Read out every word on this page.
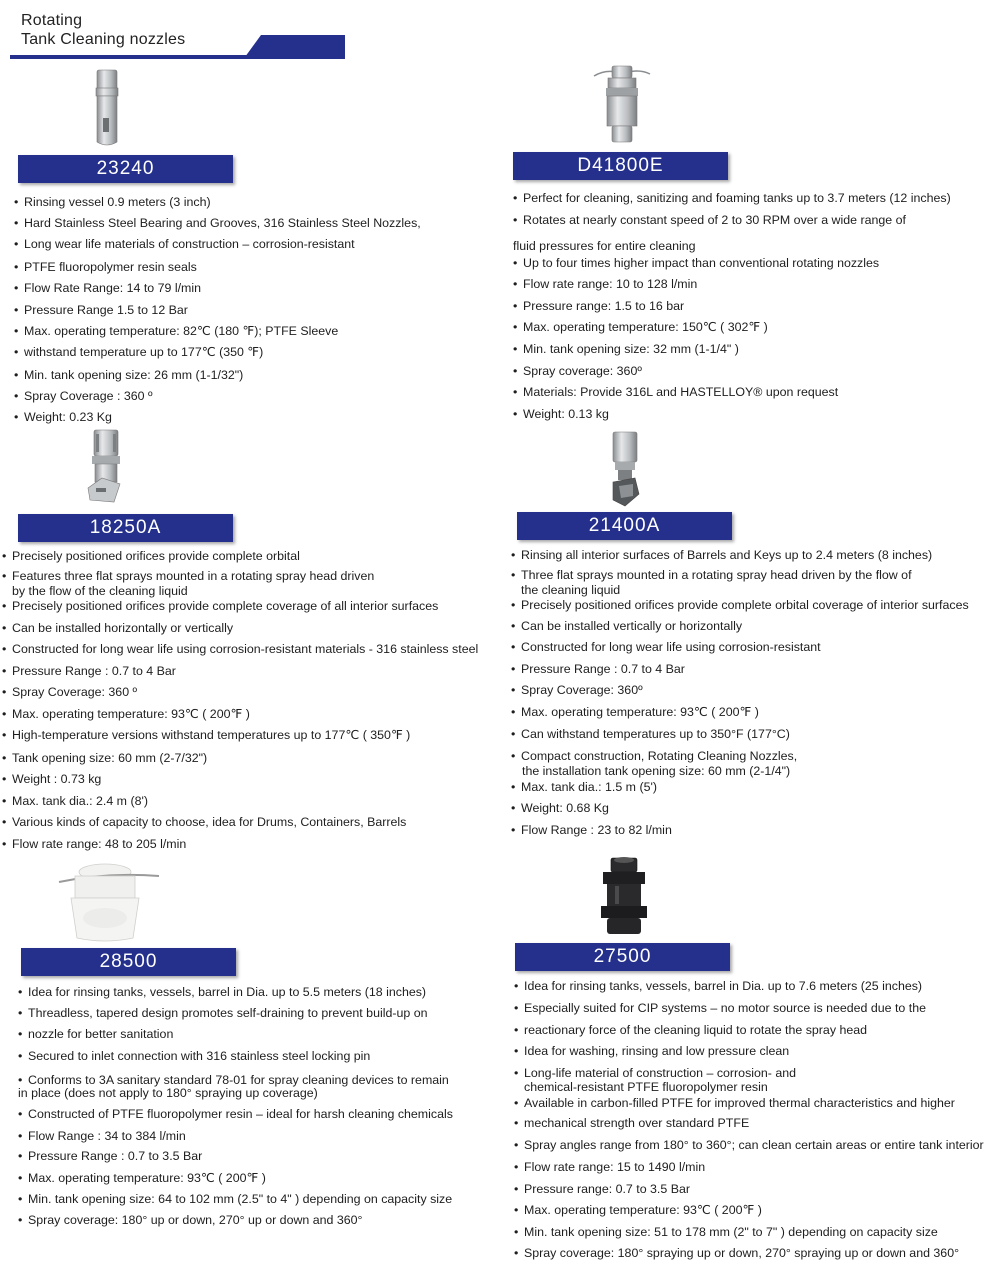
Rotating
Tank Cleaning nozzles
23240
• Rinsing vessel 0.9 meters (3 inch)
• Hard Stainless Steel Bearing and Grooves, 316 Stainless Steel Nozzles,
• Long wear life materials of construction – corrosion-resistant
• PTFE fluoropolymer resin seals
• Flow Rate Range: 14 to 79 l/min
• Pressure Range 1.5 to 12 Bar
• Max. operating temperature: 82℃ (180 ℉); PTFE Sleeve
• withstand temperature up to 177℃ (350 ℉)
• Min. tank opening size: 26 mm (1-1/32")
• Spray Coverage : 360 º
• Weight: 0.23 Kg
D41800E
• Perfect for cleaning, sanitizing and foaming tanks up to 3.7 meters (12 inches)
• Rotates at nearly constant speed of 2 to 30 RPM over a wide range of
fluid pressures for entire cleaning
• Up to four times higher impact than conventional rotating nozzles
• Flow rate range: 10 to 128 l/min
• Pressure range: 1.5 to 16 bar
• Max. operating temperature: 150℃ ( 302℉ )
• Min. tank opening size: 32 mm (1-1/4" )
• Spray coverage: 360º
• Materials: Provide 316L and HASTELLOY® upon request
• Weight: 0.13 kg
18250A
• Precisely positioned orifices provide complete orbital
• Features three flat sprays mounted in a rotating spray head driven
by the flow of the cleaning liquid
• Precisely positioned orifices provide complete coverage of all interior surfaces
• Can be installed horizontally or vertically
• Constructed for long wear life using corrosion-resistant materials - 316 stainless steel
• Pressure Range : 0.7 to 4 Bar
• Spray Coverage: 360 º
• Max. operating temperature: 93℃ ( 200℉ )
• High-temperature versions withstand temperatures up to 177℃ ( 350℉ )
• Tank opening size: 60 mm (2-7/32")
• Weight : 0.73 kg
• Max. tank dia.: 2.4 m (8')
• Various kinds of capacity to choose, idea for Drums, Containers, Barrels
• Flow rate range: 48 to 205 l/min
21400A
• Rinsing all interior surfaces of Barrels and Keys up to 2.4 meters (8 inches)
• Three flat sprays mounted in a rotating spray head driven by the flow of
the cleaning liquid
• Precisely positioned orifices provide complete orbital coverage of interior surfaces
• Can be installed vertically or horizontally
• Constructed for long wear life using corrosion-resistant
• Pressure Range : 0.7 to 4 Bar
• Spray Coverage: 360º
• Max. operating temperature: 93℃ ( 200℉ )
• Can withstand temperatures up to 350°F (177°C)
• Compact construction, Rotating Cleaning Nozzles,
the installation tank opening size: 60 mm (2-1/4")
• Max. tank dia.: 1.5 m (5')
• Weight: 0.68 Kg
• Flow Range : 23 to 82 l/min
28500
• Idea for rinsing tanks, vessels, barrel in Dia. up to 5.5 meters (18 inches)
• Threadless, tapered design promotes self-draining to prevent build-up on
• nozzle for better sanitation
• Secured to inlet connection with 316 stainless steel locking pin
• Conforms to 3A sanitary standard 78-01 for spray cleaning devices to remain
in place (does not apply to 180° spraying up coverage)
• Constructed of PTFE fluoropolymer resin – ideal for harsh cleaning chemicals
• Flow Range : 34 to 384 l/min
• Pressure Range : 0.7 to 3.5 Bar
• Max. operating temperature: 93℃ ( 200℉ )
• Min. tank opening size: 64 to 102 mm (2.5" to 4" ) depending on capacity size
• Spray coverage: 180° up or down, 270° up or down and 360°
27500
• Idea for rinsing tanks, vessels, barrel in Dia. up to 7.6 meters (25 inches)
• Especially suited for CIP systems – no motor source is needed due to the
• reactionary force of the cleaning liquid to rotate the spray head
• Idea for washing, rinsing and low pressure clean
• Long-life material of construction – corrosion- and
chemical-resistant PTFE fluoropolymer resin
• Available in carbon-filled PTFE for improved thermal characteristics and higher
• mechanical strength over standard PTFE
• Spray angles range from 180° to 360°; can clean certain areas or entire tank interior
• Flow rate range: 15 to 1490 l/min
• Pressure range: 0.7 to 3.5 Bar
• Max. operating temperature: 93℃ ( 200℉ )
• Min. tank opening size: 51 to 178 mm (2" to 7" ) depending on capacity size
• Spray coverage: 180° spraying up or down, 270° spraying up or down and 360°
